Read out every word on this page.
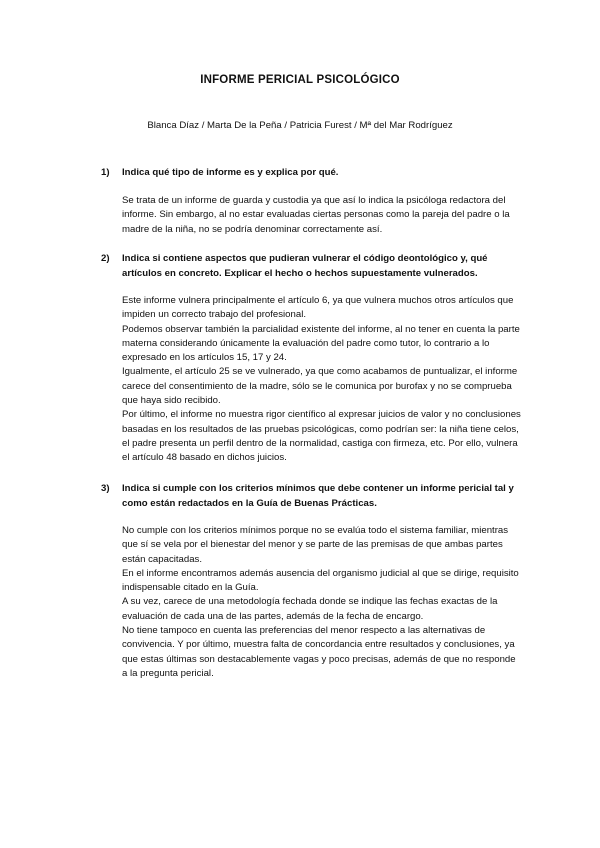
INFORME PERICIAL PSICOLÓGICO
Blanca Díaz / Marta De la Peña / Patricia Furest / Mª del Mar Rodríguez
1) Indica qué tipo de informe es y explica por qué.

Se trata de un informe de guarda y custodia ya que así lo indica la psicóloga redactora del informe. Sin embargo, al no estar evaluadas ciertas personas como la pareja del padre o la madre de la niña, no se podría denominar correctamente así.

2) Indica si contiene aspectos que pudieran vulnerar el código deontológico y, qué artículos en concreto. Explicar el hecho o hechos supuestamente vulnerados.

Este informe vulnera principalmente el artículo 6, ya que vulnera muchos otros artículos que impiden un correcto trabajo del profesional.

Podemos observar también la parcialidad existente del informe, al no tener en cuenta la parte materna considerando únicamente la evaluación del padre como tutor, lo contrario a lo expresado en los artículos 15, 17 y 24.

Igualmente, el artículo 25 se ve vulnerado, ya que como acabamos de puntualizar, el informe carece del consentimiento de la madre, sólo se le comunica por burofax y no se comprueba que haya sido recibido.

Por último, el informe no muestra rigor científico al expresar juicios de valor y no conclusiones basadas en los resultados de las pruebas psicológicas, como podrían ser: la niña tiene celos, el padre presenta un perfil dentro de la normalidad, castiga con firmeza, etc. Por ello, vulnera el artículo 48 basado en dichos juicios.

3) Indica si cumple con los criterios mínimos que debe contener un informe pericial tal y como están redactados en la Guía de Buenas Prácticas.

No cumple con los criterios mínimos porque no se evalúa todo el sistema familiar, mientras que sí se vela por el bienestar del menor y se parte de las premisas de que ambas partes están capacitadas.

En el informe encontramos además ausencia del organismo judicial al que se dirige, requisito indispensable citado en la Guía.

A su vez, carece de una metodología fechada donde se indique las fechas exactas de la evaluación de cada una de las partes, además de la fecha de encargo.

No tiene tampoco en cuenta las preferencias del menor respecto a las alternativas de convivencia. Y por último, muestra falta de concordancia entre resultados y conclusiones, ya que estas últimas son destacablemente vagas y poco precisas, además de que no responde a la pregunta pericial.
